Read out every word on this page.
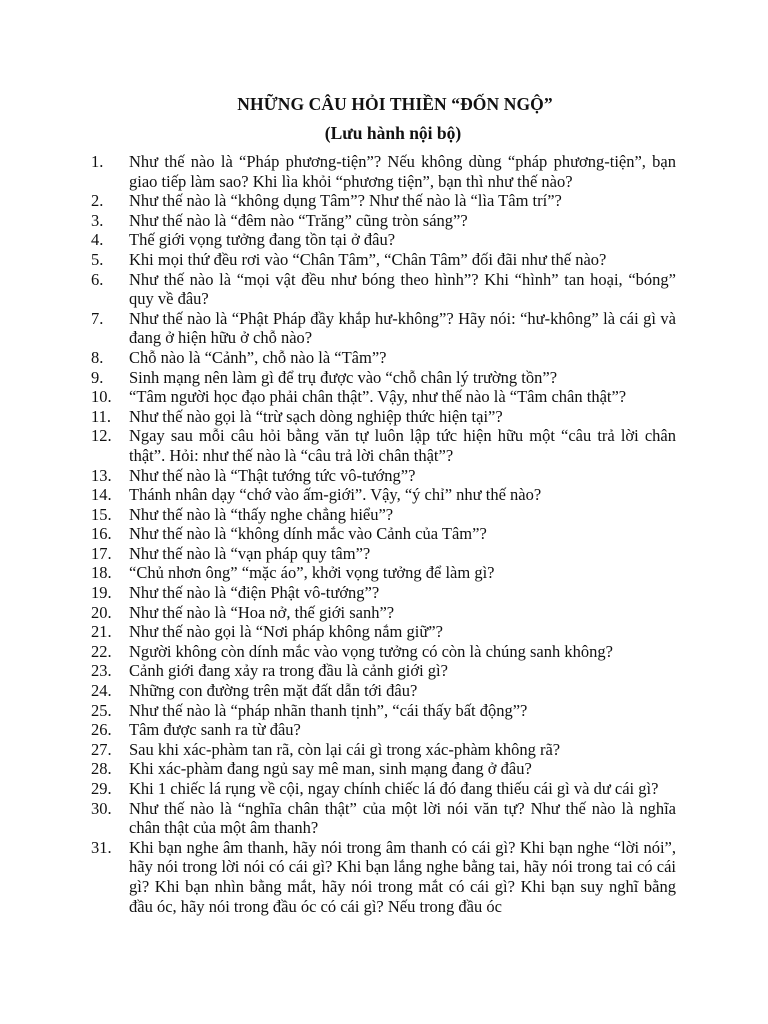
NHỮNG CÂU HỎI THIỀN “ĐỐN NGỘ”
(Lưu hành nội bộ)
1.	Như thế nào là “Pháp phương-tiện”? Nếu không dùng “pháp phương-tiện”, bạn giao tiếp làm sao? Khi lìa khỏi “phương tiện”, bạn thì như thế nào?
2.	Như thế nào là “không dụng Tâm”? Như thế nào là “lìa Tâm trí”?
3.	Như thế nào là “đêm nào “Trăng” cũng tròn sáng”?
4.	Thế giới vọng tưởng đang tồn tại ở đâu?
5.	Khi mọi thứ đều rơi vào “Chân Tâm”, “Chân Tâm” đối đãi như thế nào?
6.	Như thế nào là “mọi vật đều như bóng theo hình”? Khi “hình” tan hoại, “bóng” quy về đâu?
7.	Như thế nào là “Phật Pháp đầy khắp hư-không”? Hãy nói: “hư-không” là cái gì và đang ở hiện hữu ở chỗ nào?
8.	Chỗ nào là “Cảnh”, chỗ nào là “Tâm”?
9.	Sinh mạng nên làm gì để trụ được vào “chỗ chân lý trường tồn”?
10.	“Tâm người học đạo phải chân thật”. Vậy, như thế nào là “Tâm chân thật”?
11.	Như thế nào gọi là “trừ sạch dòng nghiệp thức hiện tại”?
12.	Ngay sau mỗi câu hỏi bằng văn tự luôn lập tức hiện hữu một “câu trả lời chân thật”. Hỏi: như thế nào là “câu trả lời chân thật”?
13.	Như thế nào là “Thật tướng tức vô-tướng”?
14.	Thánh nhân dạy “chớ vào ấm-giới”. Vậy, “ý chỉ” như thế nào?
15.	Như thế nào là “thấy nghe chẳng hiểu”?
16.	Như thế nào là “không dính mắc vào Cảnh của Tâm”?
17.	Như thế nào là “vạn pháp quy tâm”?
18.	“Chủ nhơn ông” “mặc áo”, khởi vọng tưởng để làm gì?
19.	Như thế nào là “điện Phật vô-tướng”?
20.	Như thế nào là “Hoa nở, thế giới sanh”?
21.	Như thế nào gọi là “Nơi pháp không nắm giữ”?
22.	Người không còn dính mắc vào vọng tưởng có còn là chúng sanh không?
23.	Cảnh giới đang xảy ra trong đầu là cảnh giới gì?
24.	Những con đường trên mặt đất dẫn tới đâu?
25.	Như thế nào là “pháp nhãn thanh tịnh”, “cái thấy bất động”?
26.	Tâm được sanh ra từ đâu?
27.	Sau khi xác-phàm tan rã, còn lại cái gì trong xác-phàm không rã?
28.	Khi xác-phàm đang ngủ say mê man, sinh mạng đang ở đâu?
29.	Khi 1 chiếc lá rụng về cội, ngay chính chiếc lá đó đang thiếu cái gì và dư cái gì?
30.	Như thế nào là “nghĩa chân thật” của một lời nói văn tự? Như thế nào là nghĩa chân thật của một âm thanh?
31.	Khi bạn nghe âm thanh, hãy nói trong âm thanh có cái gì? Khi bạn nghe “lời nói”, hãy nói trong lời nói có cái gì? Khi bạn lắng nghe bằng tai, hãy nói trong tai có cái gì? Khi bạn nhìn bằng mắt, hãy nói trong mắt có cái gì? Khi bạn suy nghĩ bằng đầu óc, hãy nói trong đầu óc có cái gì? Nếu trong đầu óc
